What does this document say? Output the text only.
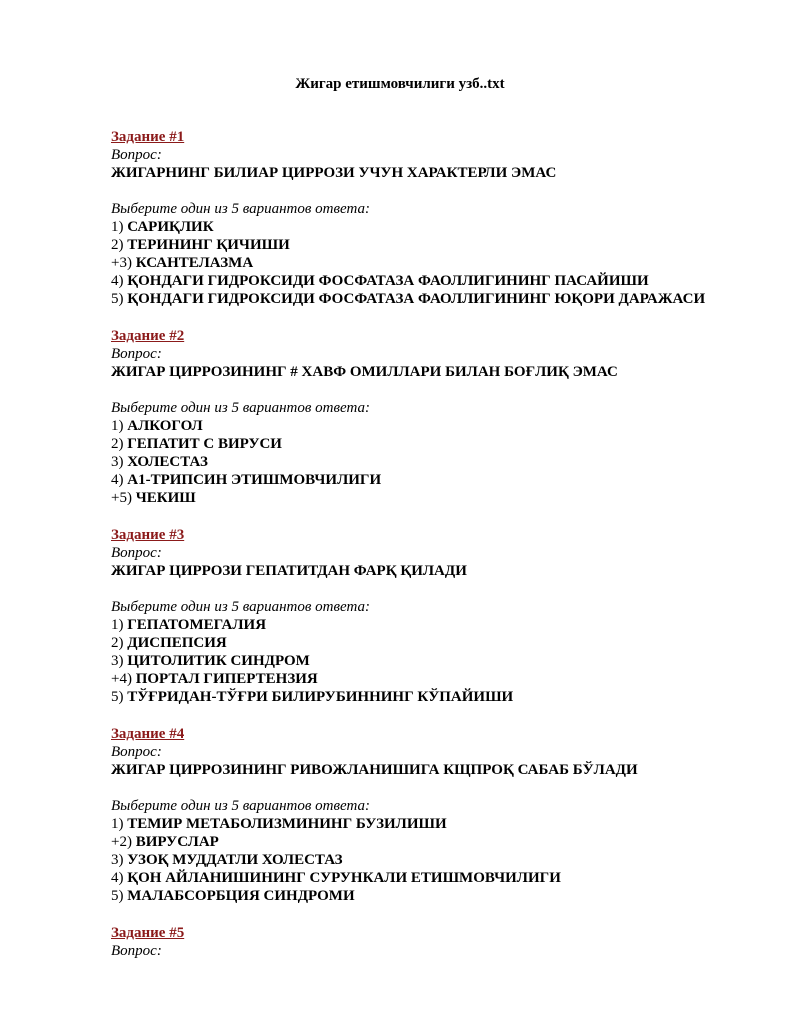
Жигар етишмовчилиги узб..txt

Задание #1

Вопрос:

ЖИГАРНИНГ БИЛИАР ЦИРРОЗИ УЧУН ХАРАКТЕРЛИ ЭМАС

Выберите один из 5 вариантов ответа:

1) САРИҚЛИК
2) ТЕРИНИНГ ҚИЧИШИ
+3) КСАНТЕЛАЗМА
4) ҚОНДАГИ ГИДРОКСИДИ ФОСФАТАЗА ФАОЛЛИГИНИНГ ПАСАЙИШИ
5) ҚОНДАГИ ГИДРОКСИДИ ФОСФАТАЗА ФАОЛЛИГИНИНГ ЮҚОРИ ДАРАЖАСИ

Задание #2

Вопрос:

ЖИГАР ЦИРРОЗИНИНГ # ХАВФ ОМИЛЛАРИ БИЛАН БОҒЛИҚ ЭМАС

Выберите один из 5 вариантов ответа:

1) АЛКОГОЛ
2) ГЕПАТИТ С ВИРУСИ
3) ХОЛЕСТАЗ
4) А1-ТРИПСИН ЭТИШМОВЧИЛИГИ
+5) ЧЕКИШ

Задание #3

Вопрос:

ЖИГАР ЦИРРОЗИ ГЕПАТИТДАН ФАРҚ ҚИЛАДИ

Выберите один из 5 вариантов ответа:

1) ГЕПАТОМЕГАЛИЯ
2) ДИСПЕПСИЯ
3) ЦИТОЛИТИК СИНДРОМ
+4) ПОРТАЛ ГИПЕРТЕНЗИЯ
5) ТЎҒРИДАН-ТЎҒРИ БИЛИРУБИННИНГ КЎПАЙИШИ

Задание #4

Вопрос:

ЖИГАР ЦИРРОЗИНИНГ РИВОЖЛАНИШИГА КЩПРОҚ САБАБ БЎЛАДИ

Выберите один из 5 вариантов ответа:

1) ТЕМИР МЕТАБОЛИЗМИНИНГ БУЗИЛИШИ
+2) ВИРУСЛАР
3) УЗОҚ МУДДАТЛИ ХОЛЕСТАЗ
4) ҚОН АЙЛАНИШИНИНГ СУРУНКАЛИ ЕТИШМОВЧИЛИГИ
5) МАЛАБСОРБЦИЯ СИНДРОМИ

Задание #5

Вопрос:
